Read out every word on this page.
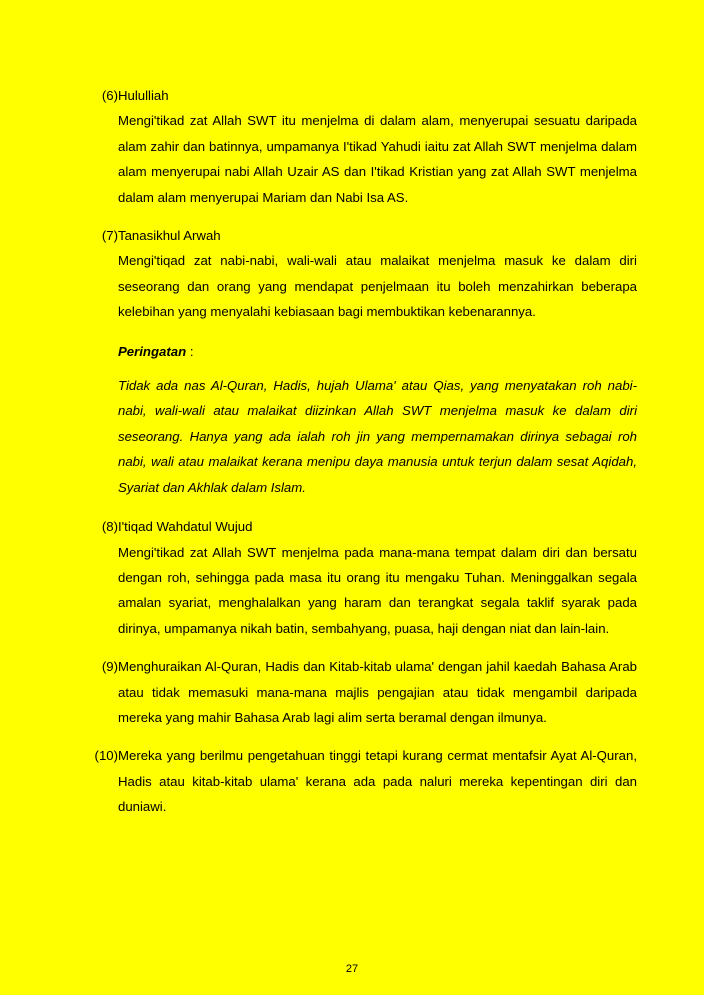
(6) Hululliah
Mengi'tikad zat Allah SWT itu menjelma di dalam alam, menyerupai sesuatu daripada alam zahir dan batinnya, umpamanya I'tikad Yahudi iaitu zat Allah SWT menjelma dalam alam menyerupai nabi Allah Uzair AS dan I'tikad Kristian yang zat Allah SWT menjelma dalam alam menyerupai Mariam dan Nabi Isa AS.
(7) Tanasikhul Arwah
Mengi'tiqad zat nabi-nabi, wali-wali atau malaikat menjelma masuk ke dalam diri seseorang dan orang yang mendapat penjelmaan itu boleh menzahirkan beberapa kelebihan yang menyalahi kebiasaan bagi membuktikan kebenarannya.
Peringatan :
Tidak ada nas Al-Quran, Hadis, hujah Ulama' atau Qias, yang menyatakan roh nabi-nabi, wali-wali atau malaikat diizinkan Allah SWT menjelma masuk ke dalam diri seseorang. Hanya yang ada ialah roh jin yang mempernamakan dirinya sebagai roh nabi, wali atau malaikat kerana menipu daya manusia untuk terjun dalam sesat Aqidah, Syariat dan Akhlak dalam Islam.
(8) I'tiqad Wahdatul Wujud
Mengi'tikad zat Allah SWT menjelma pada mana-mana tempat dalam diri dan bersatu dengan roh, sehingga pada masa itu orang itu mengaku Tuhan. Meninggalkan segala amalan syariat, menghalalkan yang haram dan terangkat segala taklif syarak pada dirinya, umpamanya nikah batin, sembahyang, puasa, haji dengan niat dan lain-lain.
(9) Menghuraikan Al-Quran, Hadis dan Kitab-kitab ulama' dengan jahil kaedah Bahasa Arab atau tidak memasuki mana-mana majlis pengajian atau tidak mengambil daripada mereka yang mahir Bahasa Arab lagi alim serta beramal dengan ilmunya.
(10) Mereka yang berilmu pengetahuan tinggi tetapi kurang cermat mentafsir Ayat Al-Quran, Hadis atau kitab-kitab ulama' kerana ada pada naluri mereka kepentingan diri dan duniawi.
27
